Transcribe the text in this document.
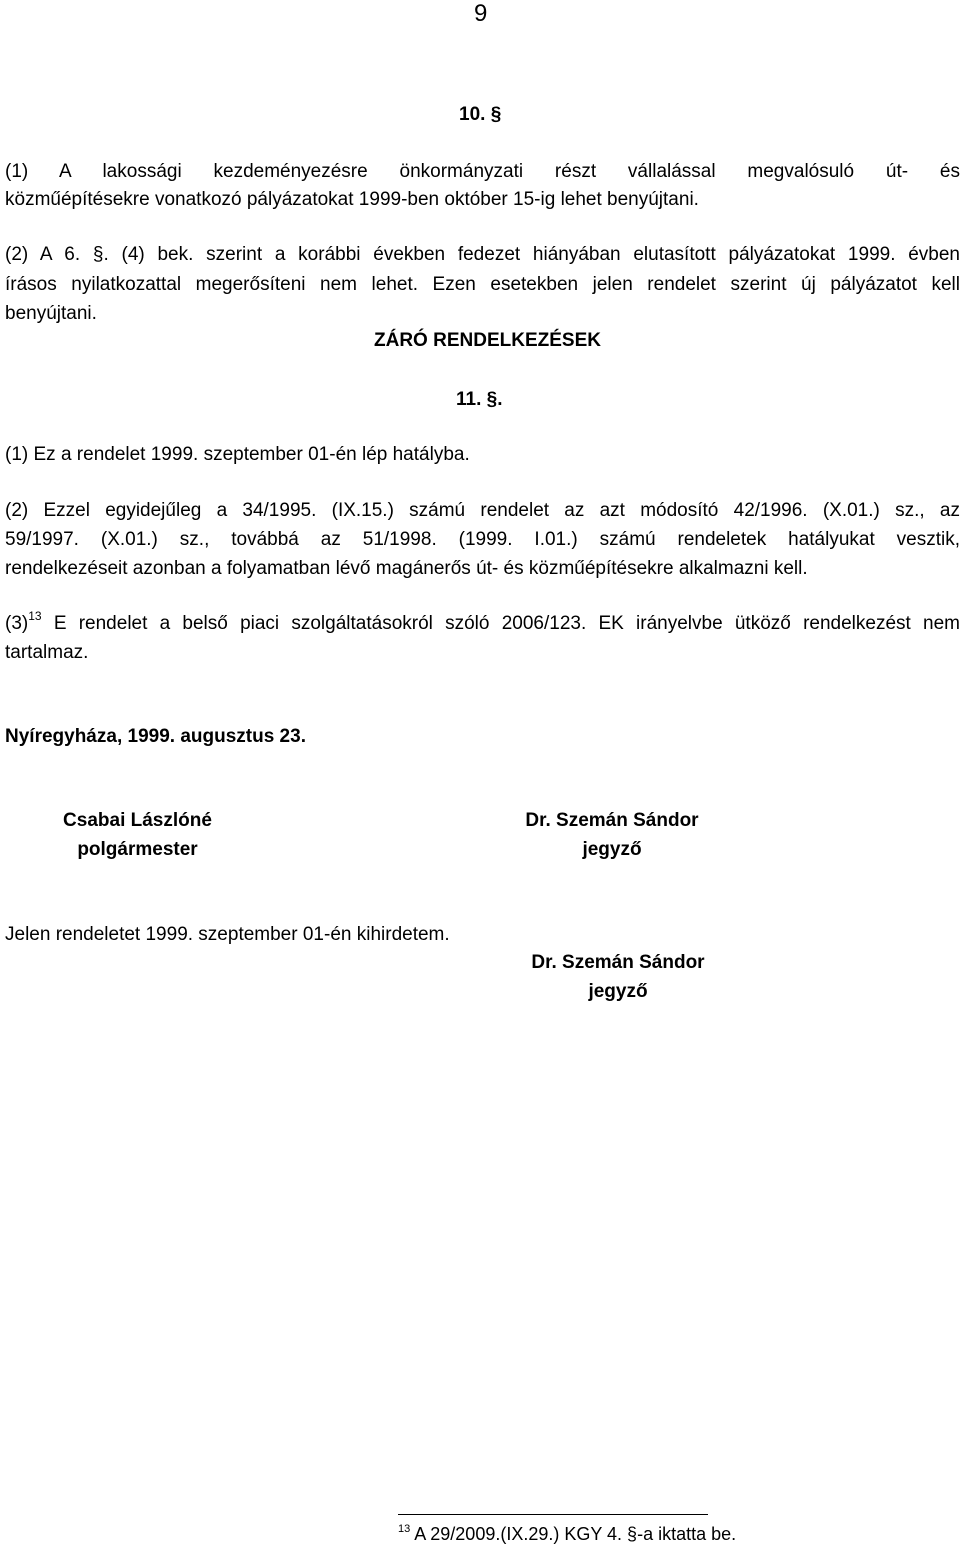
9
10. §
(1) A lakossági kezdeményezésre önkormányzati részt vállalással megvalósuló út- és
közműépítésekre vonatkozó pályázatokat 1999-ben október 15-ig lehet benyújtani.
(2) A 6. §. (4) bek. szerint a korábbi években fedezet hiányában elutasított pályázatokat 1999. évben
írásos nyilatkozattal megerősíteni nem lehet. Ezen esetekben jelen rendelet szerint új pályázatot kell
benyújtani.
ZÁRÓ RENDELKEZÉSEK
11. §.
(1) Ez a rendelet 1999. szeptember 01-én lép hatályba.
(2) Ezzel egyidejűleg a 34/1995. (IX.15.) számú rendelet az azt módosító 42/1996. (X.01.) sz., az
59/1997. (X.01.) sz., továbbá az 51/1998. (1999. I.01.) számú rendeletek hatályukat vesztik,
rendelkezéseit azonban a folyamatban lévő magánerős út- és közműépítésekre alkalmazni kell.
$(3)^{13}$ E rendelet a belső piaci szolgáltatásokról szóló 2006/123. EK irányelvbe ütköző rendelkezést nem
tartalmaz.
Nyíregyháza, 1999. augusztus 23.
Csabai Lászlóné
polgármester
Dr. Szemán Sándor
jegyző
Jelen rendeletet 1999. szeptember 01-én kihirdetem.
Dr. Szemán Sándor
jegyző
$^{13}$ A 29/2009.(IX.29.) KGY 4. §-a iktatta be.
